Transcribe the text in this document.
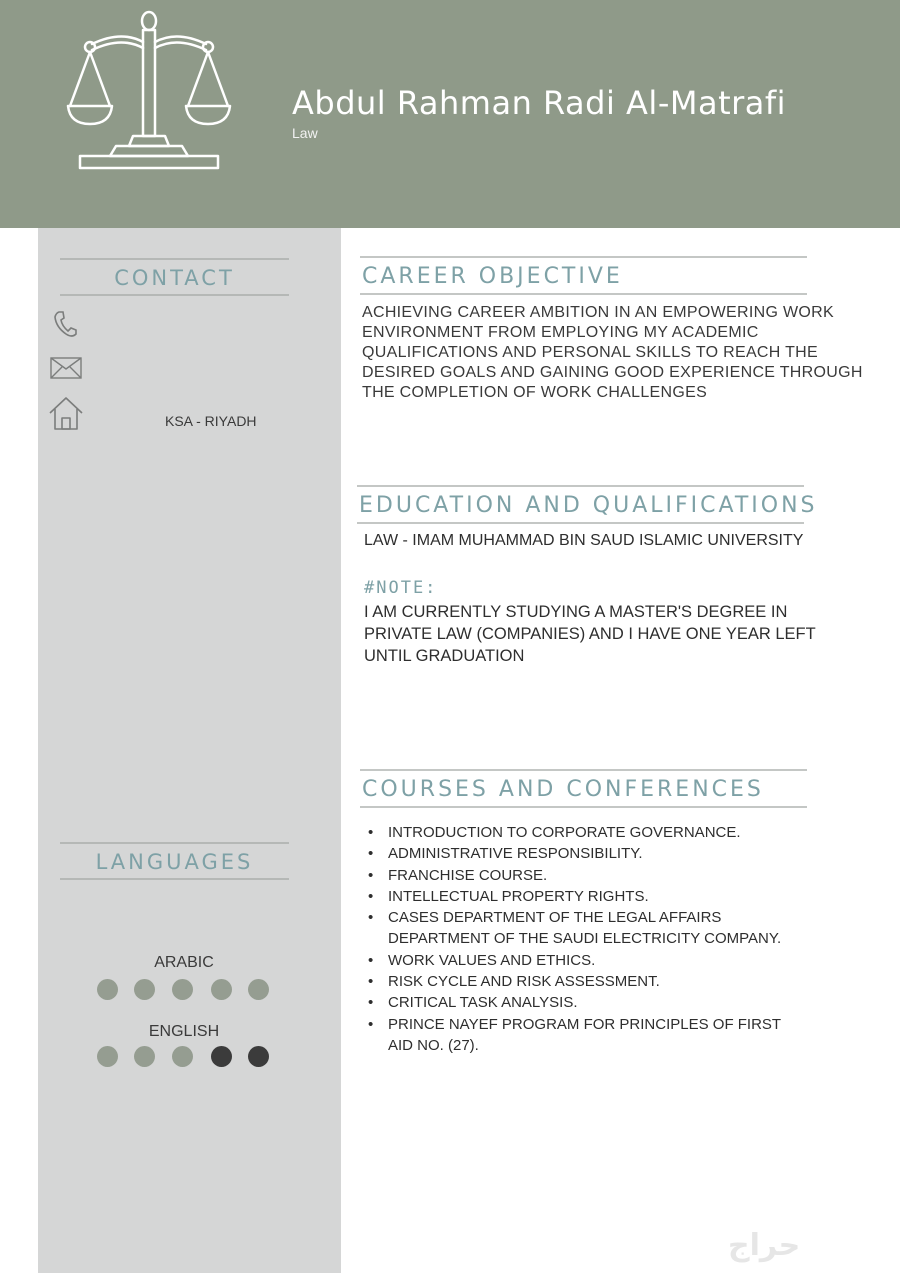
Abdul Rahman Radi Al-Matrafi
Law
CONTACT
KSA - RIYADH
LANGUAGES
ARABIC
ENGLISH
CAREER OBJECTIVE
ACHIEVING CAREER AMBITION IN AN EMPOWERING WORK ENVIRONMENT FROM EMPLOYING MY ACADEMIC QUALIFICATIONS AND PERSONAL SKILLS TO REACH THE DESIRED GOALS AND GAINING GOOD EXPERIENCE THROUGH THE COMPLETION OF WORK CHALLENGES
EDUCATION AND QUALIFICATIONS
LAW - IMAM MUHAMMAD BIN SAUD ISLAMIC UNIVERSITY
#NOTE:
I AM CURRENTLY STUDYING A MASTER'S DEGREE IN PRIVATE LAW (COMPANIES) AND I HAVE ONE YEAR LEFT UNTIL GRADUATION
COURSES AND CONFERENCES
• INTRODUCTION TO CORPORATE GOVERNANCE.
• ADMINISTRATIVE RESPONSIBILITY.
• FRANCHISE COURSE.
• INTELLECTUAL PROPERTY RIGHTS.
• CASES DEPARTMENT OF THE LEGAL AFFAIRS DEPARTMENT OF THE SAUDI ELECTRICITY COMPANY.
• WORK VALUES AND ETHICS.
• RISK CYCLE AND RISK ASSESSMENT.
• CRITICAL TASK ANALYSIS.
• PRINCE NAYEF PROGRAM FOR PRINCIPLES OF FIRST AID NO. (27).
حراج
